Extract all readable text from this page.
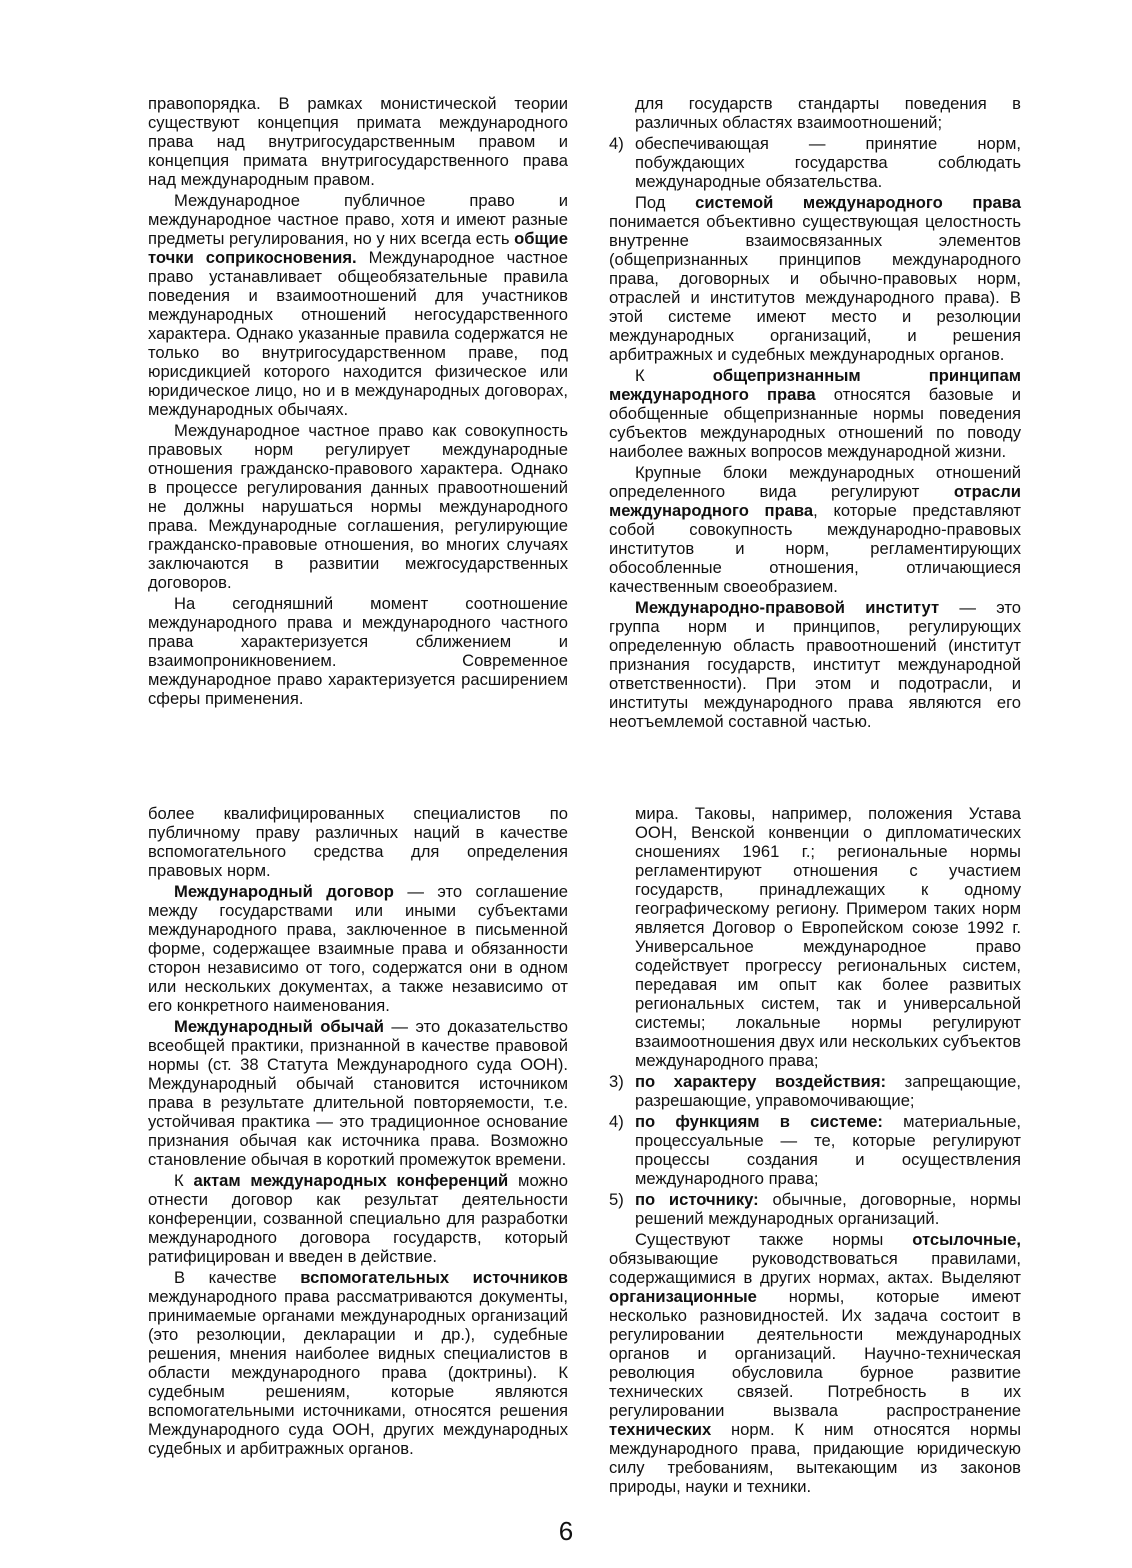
правопорядка. В рамках монистической теории существуют концепция примата международного права над внутригосударственным правом и концепция примата внутригосударственного права над международным правом.

Международное публичное право и международное частное право, хотя и имеют разные предметы регулирования, но у них всегда есть общие точки соприкосновения. Международное частное право устанавливает общеобязательные правила поведения и взаимоотношений для участников международных отношений негосударственного характера. Однако указанные правила содержатся не только во внутригосударственном праве, под юрисдикцией которого находится физическое или юридическое лицо, но и в международных договорах, международных обычаях.

Международное частное право как совокупность правовых норм регулирует международные отношения гражданско-правового характера. Однако в процессе регулирования данных правоотношений не должны нарушаться нормы международного права. Международные соглашения, регулирующие гражданско-правовые отношения, во многих случаях заключаются в развитии межгосударственных договоров.

На сегодняшний момент соотношение международного права и международного частного права характеризуется сближением и взаимопроникновением. Современное международное право характеризуется расширением сферы применения.

для государств стандарты поведения в различных областях взаимоотношений;

4) обеспечивающая — принятие норм, побуждающих государства соблюдать международные обязательства.

Под системой международного права понимается объективно существующая целостность внутренне взаимосвязанных элементов (общепризнанных принципов международного права, договорных и обычно-правовых норм, отраслей и институтов международного права). В этой системе имеют место и резолюции международных организаций, и решения арбитражных и судебных международных органов.

К общепризнанным принципам международного права относятся базовые и обобщенные общепризнанные нормы поведения субъектов международных отношений по поводу наиболее важных вопросов международной жизни.

Крупные блоки международных отношений определенного вида регулируют отрасли международного права, которые представляют собой совокупность международно-правовых институтов и норм, регламентирующих обособленные отношения, отличающиеся качественным своеобразием.

Международно-правовой институт — это группа норм и принципов, регулирующих определенную область правоотношений (институт признания государств, институт международной ответственности). При этом и подотрасли, и институты международного права являются его неотъемлемой составной частью.

более квалифицированных специалистов по публичному праву различных наций в качестве вспомогательного средства для определения правовых норм.

Международный договор — это соглашение между государствами или иными субъектами международного права, заключенное в письменной форме, содержащее взаимные права и обязанности сторон независимо от того, содержатся они в одном или нескольких документах, а также независимо от его конкретного наименования.

Международный обычай — это доказательство всеобщей практики, признанной в качестве правовой нормы (ст. 38 Статута Международного суда ООН). Международный обычай становится источником права в результате длительной повторяемости, т.е. устойчивая практика — это традиционное основание признания обычая как источника права. Возможно становление обычая в короткий промежуток времени.

К актам международных конференций можно отнести договор как результат деятельности конференции, созванной специально для разработки международного договора государств, который ратифицирован и введен в действие.

В качестве вспомогательных источников международного права рассматриваются документы, принимаемые органами международных организаций (это резолюции, декларации и др.), судебные решения, мнения наиболее видных специалистов в области международного права (доктрины). К судебным решениям, которые являются вспомогательными источниками, относятся решения Международного суда ООН, других международных судебных и арбитражных органов.

мира. Таковы, например, положения Устава ООН, Венской конвенции о дипломатических сношениях 1961 г.; региональные нормы регламентируют отношения с участием государств, принадлежащих к одному географическому региону. Примером таких норм является Договор о Европейском союзе 1992 г. Универсальное международное право содействует прогрессу региональных систем, передавая им опыт как более развитых региональных систем, так и универсальной системы; локальные нормы регулируют взаимоотношения двух или нескольких субъектов международного права;

3) по характеру воздействия: запрещающие, разрешающие, управомочивающие;
4) по функциям в системе: материальные, процессуальные — те, которые регулируют процессы создания и осуществления международного права;
5) по источнику: обычные, договорные, нормы решений международных организаций.

Существуют также нормы отсылочные, обязывающие руководствоваться правилами, содержащимися в других нормах, актах. Выделяют организационные нормы, которые имеют несколько разновидностей. Их задача состоит в регулировании деятельности международных органов и организаций. Научно-техническая революция обусловила бурное развитие технических связей. Потребность в их регулировании вызвала распространение технических норм. К ним относятся нормы международного права, придающие юридическую силу требованиям, вытекающим из законов природы, науки и техники.

6
